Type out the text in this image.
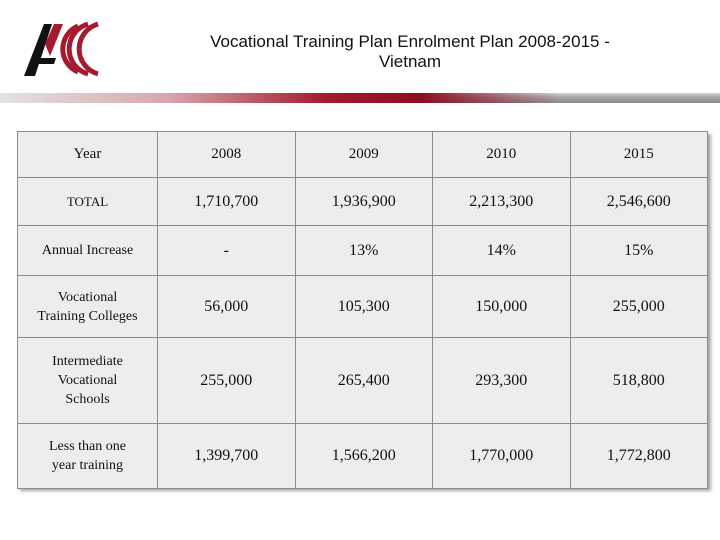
Vocational Training Plan Enrolment Plan 2008-2015 -
Vietnam
Year	2008	2009	2010	2015
TOTAL	1,710,700	1,936,900	2,213,300	2,546,600
Annual Increase	-	13%	14%	15%

Vocational
Training Colleges	56,000	105,300	150,000	255,000

Intermediate
Vocational
Schools	255,000	265,400	293,300	518,800

Less than one
year training	1,399,700	1,566,200	1,770,000	1,772,800
